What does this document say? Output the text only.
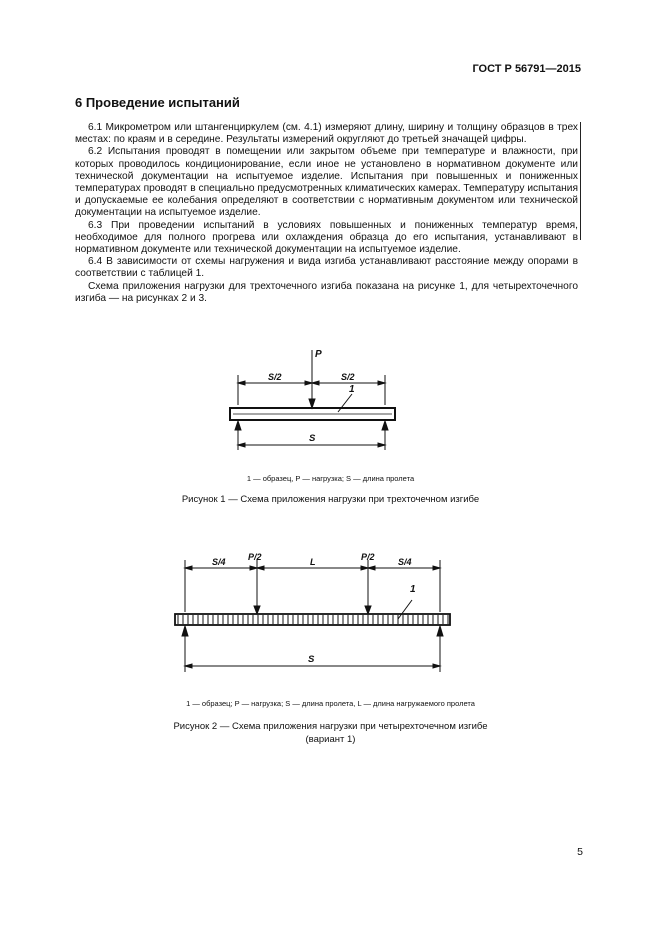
ГОСТ Р 56791—2015
6 Проведение испытаний

6.1 Микрометром или штангенциркулем (см. 4.1) измеряют длину, ширину и толщину образцов в трех местах: по краям и в середине. Результаты измерений округляют до третьей значащей цифры.

6.2 Испытания проводят в помещении или закрытом объеме при температуре и влажности, при которых проводилось кондиционирование, если иное не установлено в нормативном документе или технической документации на испытуемое изделие. Испытания при повышенных и пониженных температурах проводят в специально предусмотренных климатических камерах. Температуру испытания и допускаемые ее колебания определяют в соответствии с нормативным документом или технической документации на испытуемое изделие.

6.3 При проведении испытаний в условиях повышенных и пониженных температур время, необходимое для полного прогрева или охлаждения образца до его испытания, устанавливают в нормативном документе или технической документации на испытуемое изделие.

6.4 В зависимости от схемы нагружения и вида изгиба устанавливают расстояние между опорами в соответствии с таблицей 1.

Схема приложения нагрузки для трехточечного изгиба показана на рисунке 1, для четырехточечного изгиба — на рисунках 2 и 3.

P
S/2	S/2
1
S
1 — образец, P — нагрузка; S — длина пролета
Рисунок 1 — Схема приложения нагрузки при трехточечном изгибе
S/4 P/2	L	P/2	S/4
1
S
1 — образец; P — нагрузка; S — длина пролета, L — длина нагружаемого пролета
Рисунок 2 — Схема приложения нагрузки при четырехточечном изгибе
(вариант 1)
5
